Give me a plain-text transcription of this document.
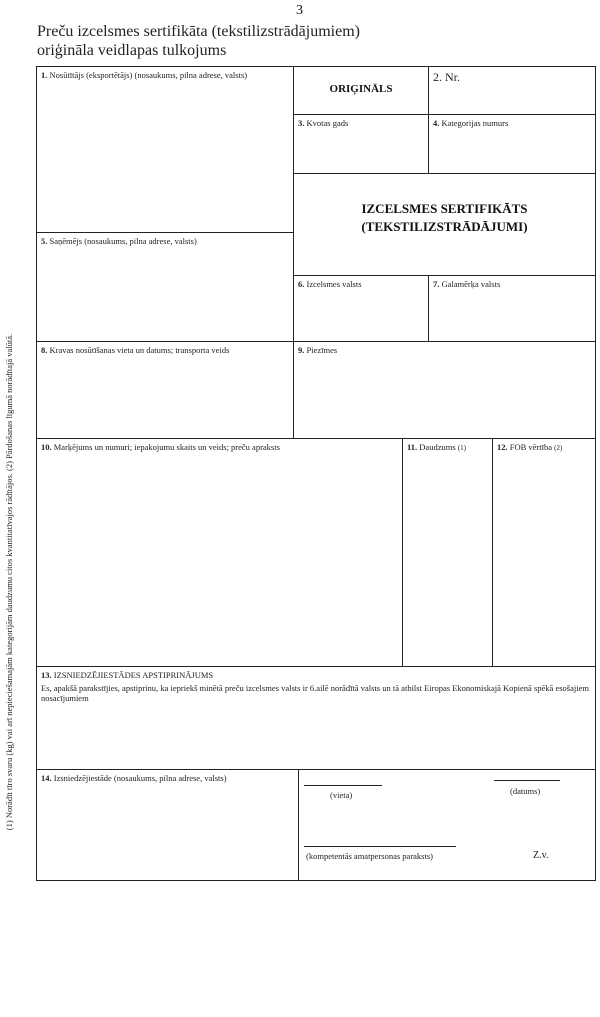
3
Preču izcelsmes sertifikāta (tekstilizstrādājumiem)
oriģināla veidlapas tulkojums
(1) Norādīt tīro svaru (kg) vai arī nepieciešamajām kategorijām daudzumu citos kvantitatīvajos rādītājos. (2) Pārdošanas līgumā norādītajā valūtā.
1. Nosūtītājs (eksportētājs) (nosaukums, pilna adrese, valsts)
ORIĢINĀLS
2. Nr.
3. Kvotas gads	4. Kategorijas numurs
IZCELSMES SERTIFIKĀTS
(TEKSTILIZSTRĀDĀJUMI)
5. Saņēmējs (nosaukums, pilna adrese, valsts)
6. Izcelsmes valsts	7. Galamērķa valsts
8. Kravas nosūtīšanas vieta un datums; transporta veids	9. Piezīmes
10. Marķējums un numuri; iepakojumu skaits un veids; preču apraksts	11. Daudzums (1)	12. FOB vērtība (2)
13. IZSNIEDZĒJIESTĀDES APSTIPRINĀJUMS
Es, apakšā parakstījies, apstiprinu, ka iepriekš minētā preču izcelsmes valsts ir 6.ailē norādītā valsts un tā atbilst Eiropas Ekonomiskajā Kopienā spēkā esošajiem nosacījumiem
14. Izsniedzējiestāde (nosaukums, pilna adrese, valsts)
(vieta)	(datums)
(kompetentās amatpersonas paraksts)	Z.v.
